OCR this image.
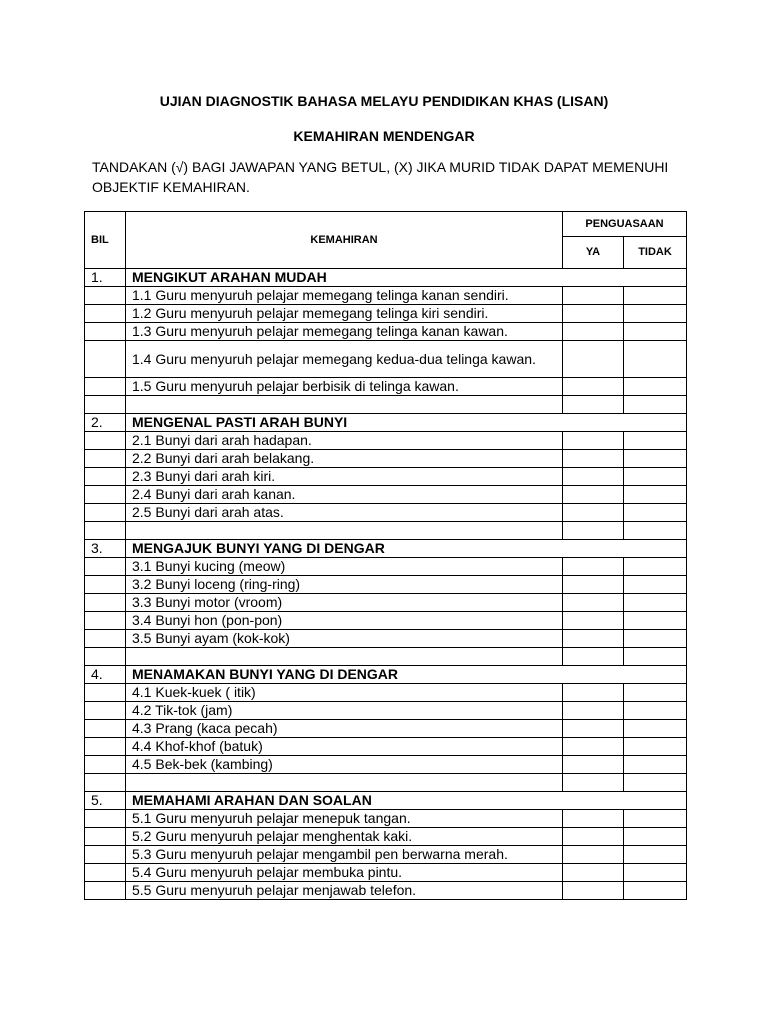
UJIAN DIAGNOSTIK BAHASA MELAYU PENDIDIKAN KHAS (LISAN)
KEMAHIRAN MENDENGAR
TANDAKAN (√) BAGI JAWAPAN YANG BETUL, (X) JIKA MURID TIDAK DAPAT MEMENUHI
OBJEKTIF KEMAHIRAN.
BIL	KEMAHIRAN	PENGUASAAN	
		YA	TIDAK
1.	MENGIKUT ARAHAN MUDAH		
	1.1 Guru menyuruh pelajar memegang telinga kanan sendiri.		
	1.2 Guru menyuruh pelajar memegang telinga kiri sendiri.		
	1.3 Guru menyuruh pelajar memegang telinga kanan kawan.		
	1.4 Guru menyuruh pelajar memegang kedua-dua telinga kawan.		
	1.5 Guru menyuruh pelajar berbisik di telinga kawan.		

2.	MENGENAL PASTI ARAH BUNYI		
	2.1 Bunyi dari arah hadapan.		
	2.2 Bunyi dari arah belakang.		
	2.3 Bunyi dari arah kiri.		
	2.4 Bunyi dari arah kanan.		
	2.5 Bunyi dari arah atas.		

3.	MENGAJUK BUNYI YANG DI DENGAR		
	3.1 Bunyi kucing (meow)		
	3.2 Bunyi loceng (ring-ring)		
	3.3 Bunyi motor (vroom)		
	3.4 Bunyi hon (pon-pon)		
	3.5 Bunyi ayam (kok-kok)		

4.	MENAMAKAN BUNYI YANG DI DENGAR		
	4.1 Kuek-kuek ( itik)		
	4.2 Tik-tok (jam)		
	4.3 Prang (kaca pecah)		
	4.4 Khof-khof (batuk)		
	4.5 Bek-bek (kambing)		

5.	MEMAHAMI ARAHAN DAN SOALAN		
	5.1 Guru menyuruh pelajar menepuk tangan.		
	5.2 Guru menyuruh pelajar menghentak kaki.		
	5.3 Guru menyuruh pelajar mengambil pen berwarna merah.		
	5.4 Guru menyuruh pelajar membuka pintu.		
	5.5 Guru menyuruh pelajar menjawab telefon.		
